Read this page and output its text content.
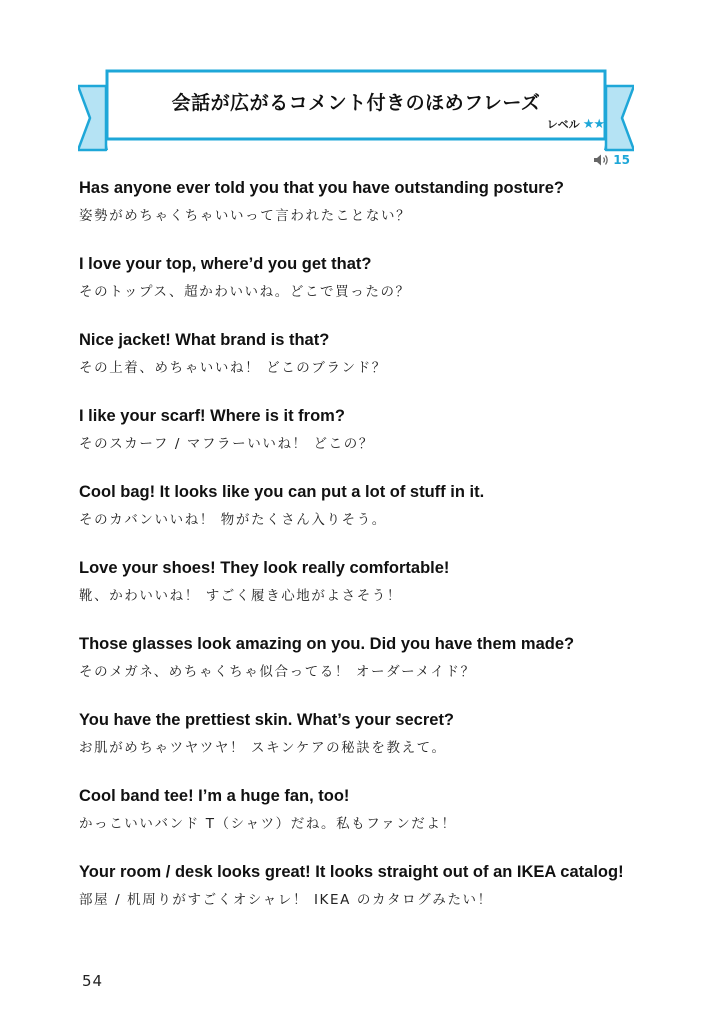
会話が広がるコメント付きのほめフレーズ
レベル ★★
15
Has anyone ever told you that you have outstanding posture?
姿勢がめちゃくちゃいいって言われたことない？
I love your top, where’d you get that?
そのトップス、超かわいいね。どこで買ったの？
Nice jacket! What brand is that?
その上着、めちゃいいね！ どこのブランド？
I like your scarf! Where is it from?
そのスカーフ / マフラーいいね！ どこの？
Cool bag! It looks like you can put a lot of stuff in it.
そのカバンいいね！ 物がたくさん入りそう。
Love your shoes! They look really comfortable!
靴、かわいいね！ すごく履き心地がよさそう！
Those glasses look amazing on you. Did you have them made?
そのメガネ、めちゃくちゃ似合ってる！ オーダーメイド？
You have the prettiest skin. What’s your secret?
お肌がめちゃツヤツヤ！ スキンケアの秘訣を教えて。
Cool band tee! I’m a huge fan, too!
かっこいいバンド T（シャツ）だね。私もファンだよ！
Your room / desk looks great! It looks straight out of an IKEA catalog!
部屋 / 机周りがすごくオシャレ！ IKEA のカタログみたい！
54
